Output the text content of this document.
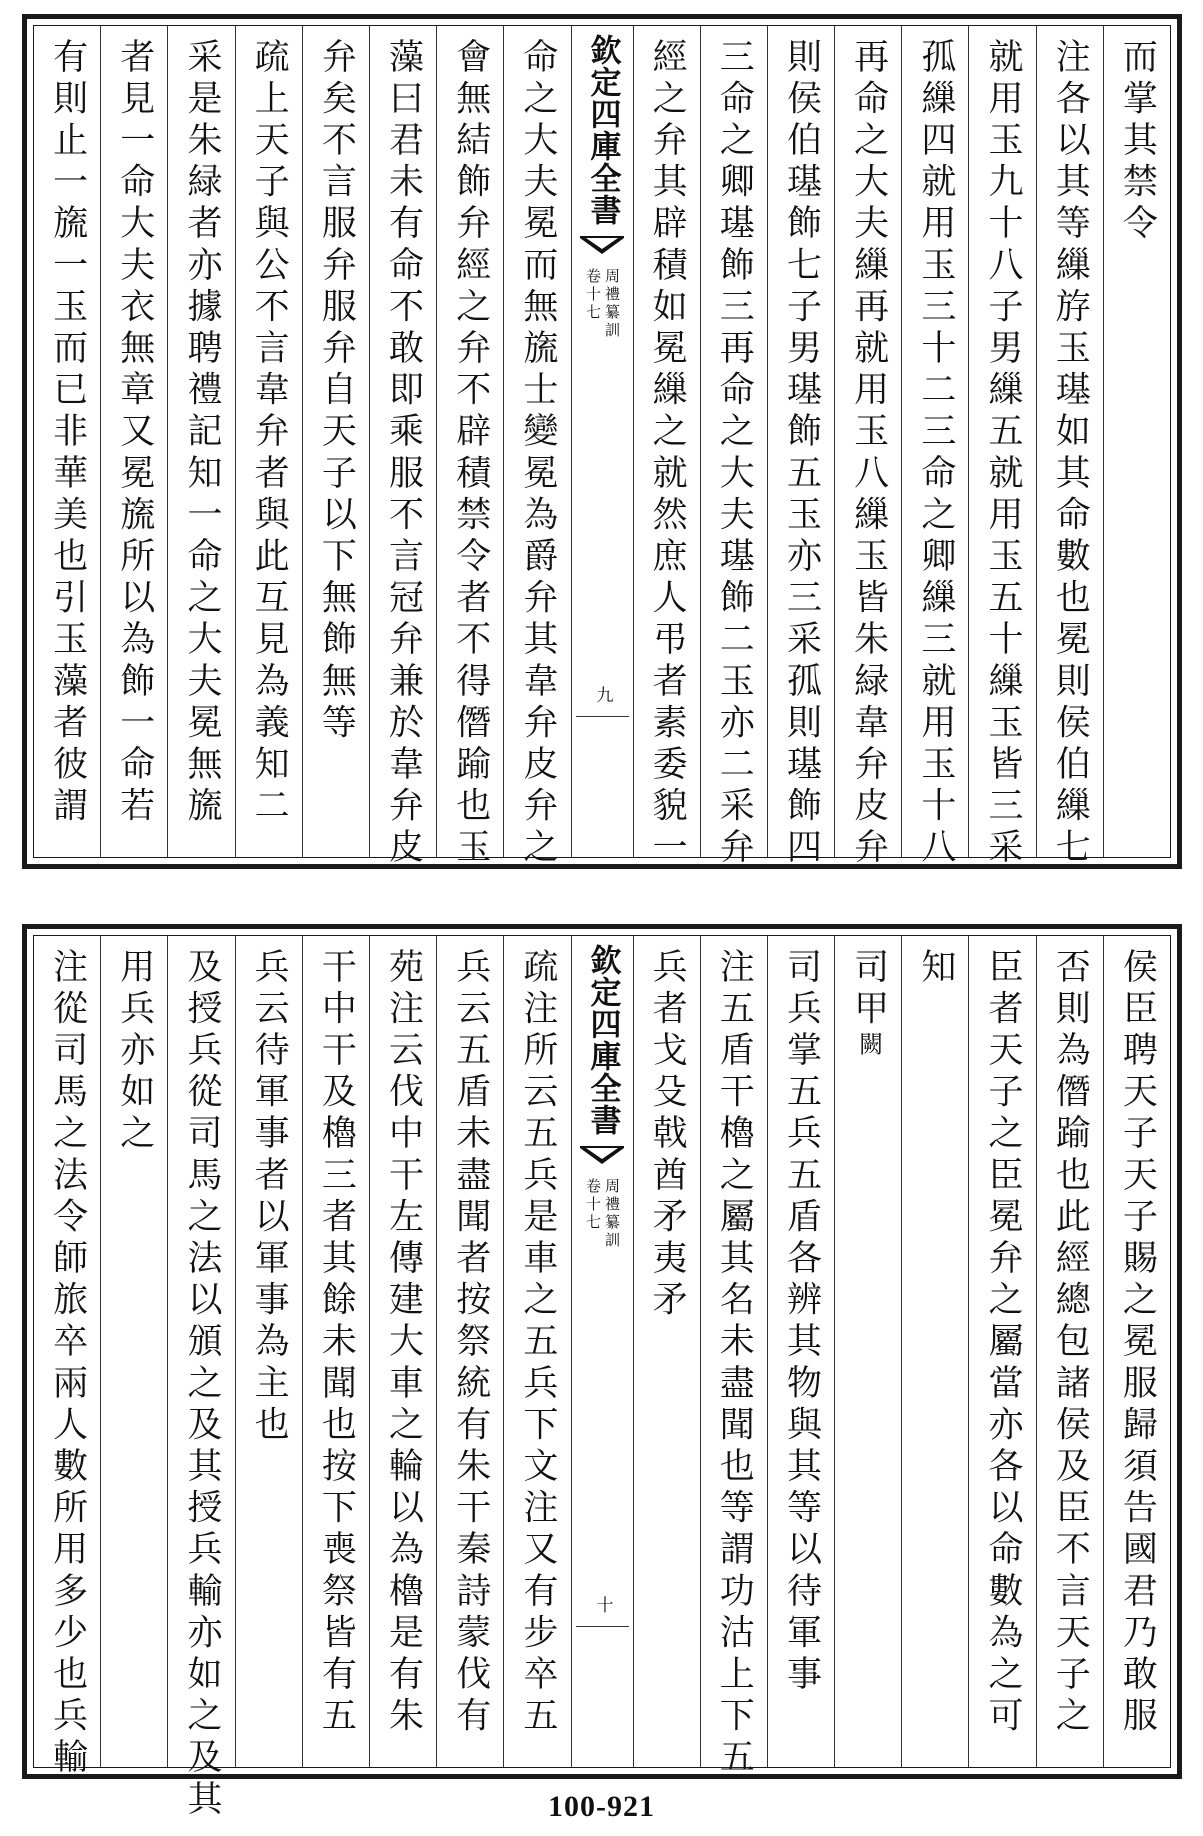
而掌其禁令
注各以其等繅斿玉璂如其命數也冕則侯伯繅七
就用玉九十八子男繅五就用玉五十繅玉皆三采
孤繅四就用玉三十二三命之卿繅三就用玉十八
再命之大夫繅再就用玉八繅玉皆朱緑韋弁皮弁
則侯伯璂飾七子男璂飾五玉亦三采孤則璂飾四
三命之卿璂飾三再命之大夫璂飾二玉亦二采弁
經之弁其辟積如冕繅之就然庶人弔者素委貌一
欽定四庫全書
周禮纂訓
卷十七
九
命之大夫冕而無旒士變冕為爵弁其韋弁皮弁之
會無結飾弁經之弁不辟積禁令者不得僭踰也玉
藻曰君未有命不敢即乘服不言冠弁兼於韋弁皮
弁矣不言服弁服弁自天子以下無飾無等
疏上天子與公不言韋弁者與此互見為義知二
采是朱緑者亦據聘禮記知一命之大夫冕無旒
者見一命大夫衣無章又冕旒所以為飾一命若
有則止一旒一玉而已非華美也引玉藻者彼謂
侯臣聘天子天子賜之冕服歸須告國君乃敢服
否則為僭踰也此經總包諸侯及臣不言天子之
臣者天子之臣冕弁之屬當亦各以命數為之可
知
司甲闕
司兵掌五兵五盾各辨其物與其等以待軍事
注五盾干櫓之屬其名未盡聞也等謂功沽上下五
兵者戈殳戟酋矛夷矛
欽定四庫全書
周禮纂訓
卷十七
十
疏注所云五兵是車之五兵下文注又有步卒五
兵云五盾未盡聞者按祭統有朱干秦詩蒙伐有
苑注云伐中干左傳建大車之輪以為櫓是有朱
干中干及櫓三者其餘未聞也按下喪祭皆有五
兵云待軍事者以軍事為主也
及授兵從司馬之法以頒之及其授兵輸亦如之及其
用兵亦如之
注從司馬之法令師旅卒兩人數所用多少也兵輸
100-921
